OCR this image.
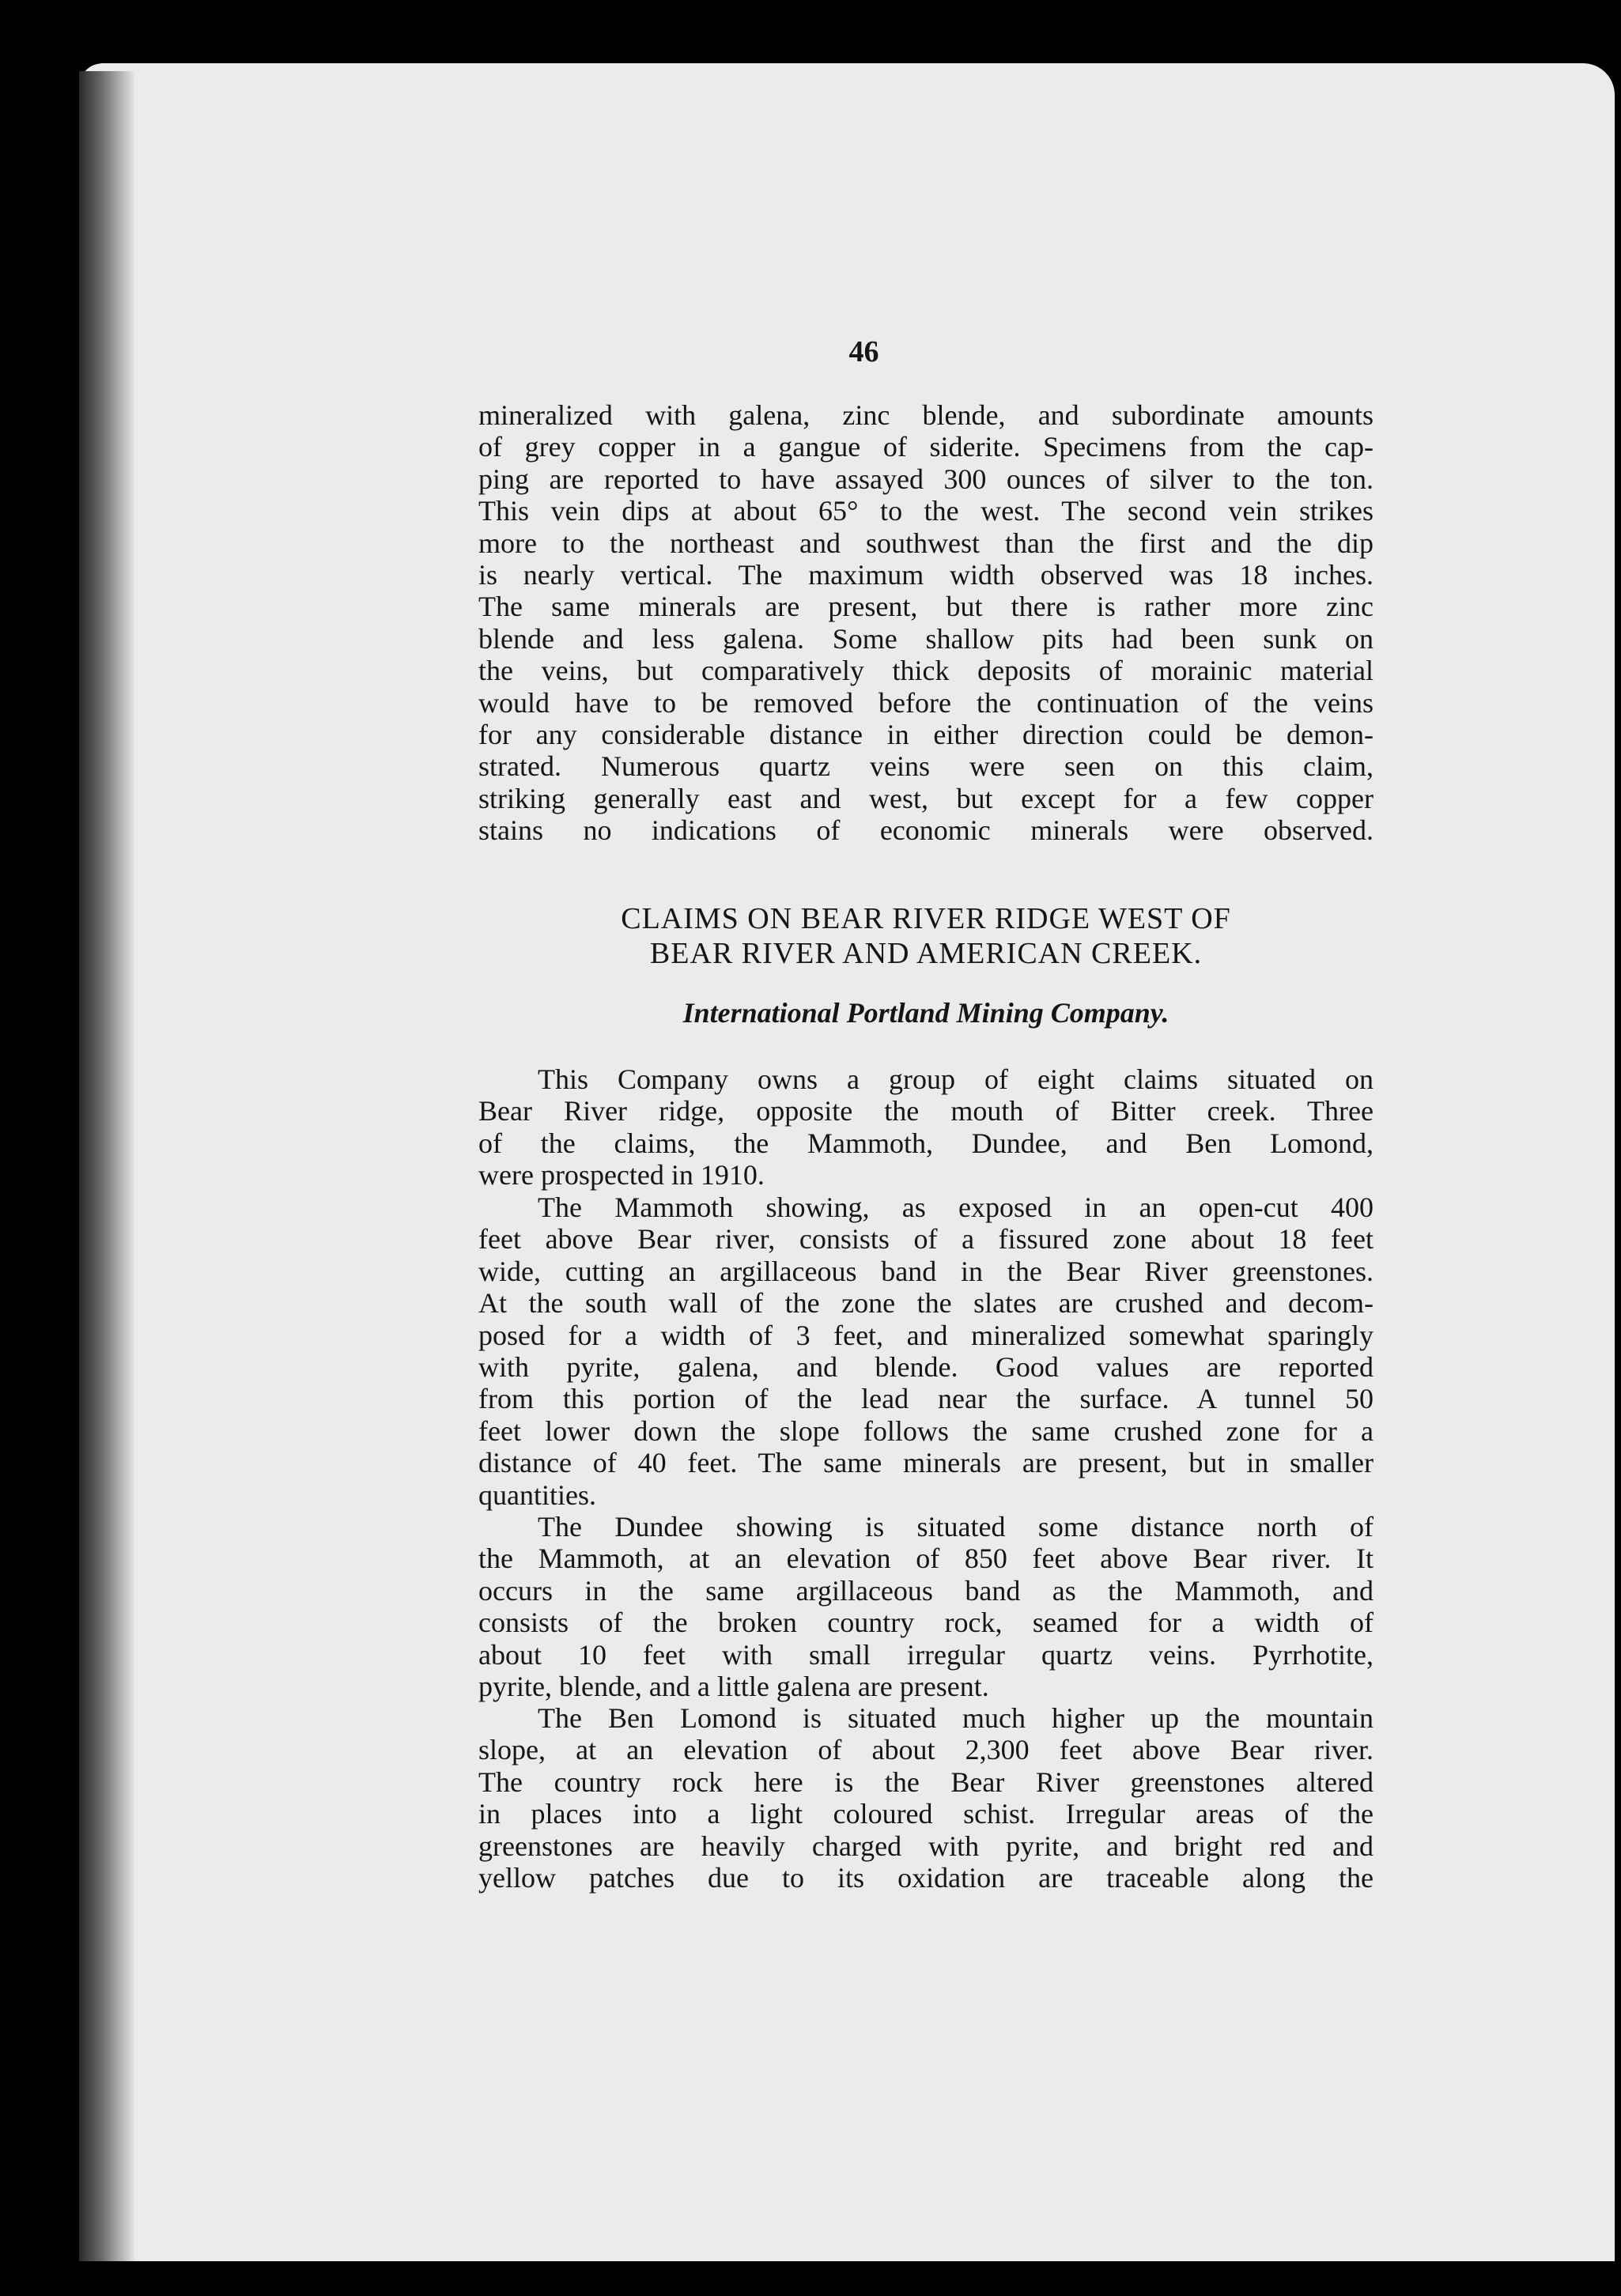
46
mineralized with galena, zinc blende, and subordinate amounts
of grey copper in a gangue of siderite. Specimens from the cap-
ping are reported to have assayed 300 ounces of silver to the ton.
This vein dips at about 65° to the west. The second vein strikes
more to the northeast and southwest than the first and the dip
is nearly vertical. The maximum width observed was 18 inches.
The same minerals are present, but there is rather more zinc
blende and less galena. Some shallow pits had been sunk on
the veins, but comparatively thick deposits of morainic material
would have to be removed before the continuation of the veins
for any considerable distance in either direction could be demon-
strated. Numerous quartz veins were seen on this claim,
striking generally east and west, but except for a few copper
stains no indications of economic minerals were observed.
CLAIMS ON BEAR RIVER RIDGE WEST OF
BEAR RIVER AND AMERICAN CREEK.
International Portland Mining Company.
This Company owns a group of eight claims situated on
Bear River ridge, opposite the mouth of Bitter creek. Three
of the claims, the Mammoth, Dundee, and Ben Lomond,
were prospected in 1910.
The Mammoth showing, as exposed in an open-cut 400
feet above Bear river, consists of a fissured zone about 18 feet
wide, cutting an argillaceous band in the Bear River greenstones.
At the south wall of the zone the slates are crushed and decom-
posed for a width of 3 feet, and mineralized somewhat sparingly
with pyrite, galena, and blende. Good values are reported
from this portion of the lead near the surface. A tunnel 50
feet lower down the slope follows the same crushed zone for a
distance of 40 feet. The same minerals are present, but in smaller
quantities.
The Dundee showing is situated some distance north of
the Mammoth, at an elevation of 850 feet above Bear river. It
occurs in the same argillaceous band as the Mammoth, and
consists of the broken country rock, seamed for a width of
about 10 feet with small irregular quartz veins. Pyrrhotite,
pyrite, blende, and a little galena are present.
The Ben Lomond is situated much higher up the mountain
slope, at an elevation of about 2,300 feet above Bear river.
The country rock here is the Bear River greenstones altered
in places into a light coloured schist. Irregular areas of the
greenstones are heavily charged with pyrite, and bright red and
yellow patches due to its oxidation are traceable along the
